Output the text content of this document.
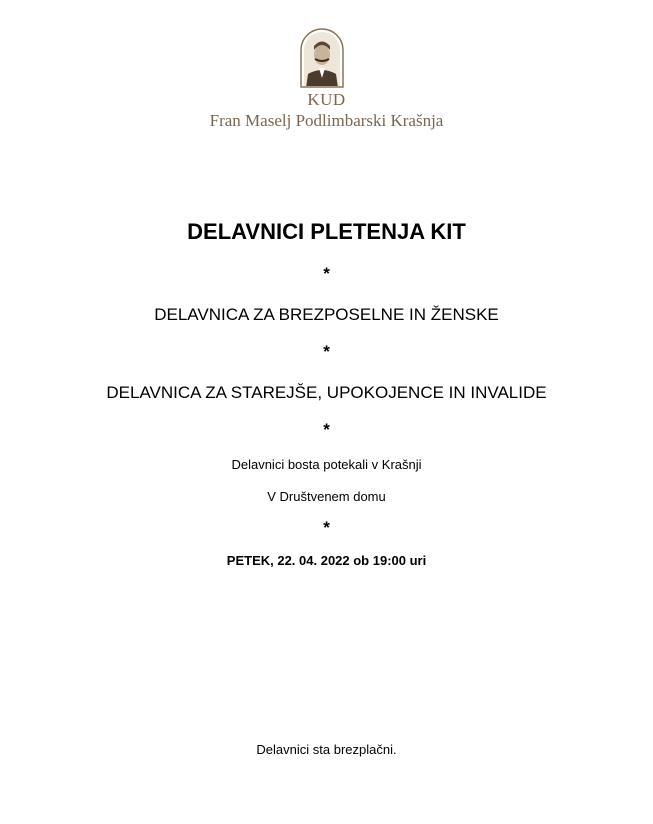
KUD
Fran Maselj Podlimbarski Krašnja
DELAVNICI PLETENJA KIT
*
DELAVNICA ZA BREZPOSELNE IN ŽENSKE
*
DELAVNICA ZA STAREJŠE, UPOKOJENCE IN INVALIDE
*
Delavnici bosta potekali v Krašnji
V Društvenem domu
*
PETEK, 22. 04. 2022 ob 19:00 uri
Delavnici sta brezplačni.
